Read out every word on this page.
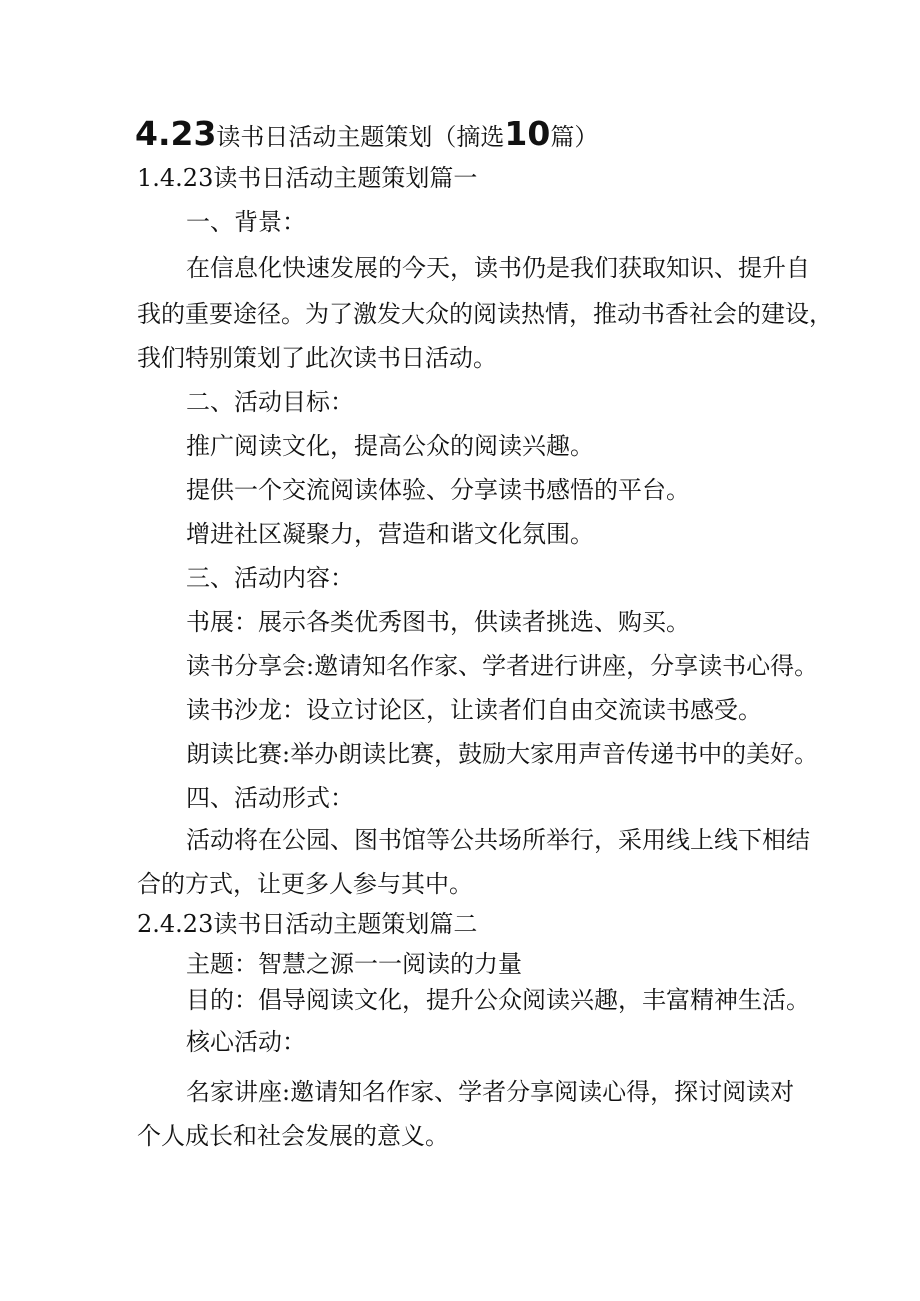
4.23读书日活动主题策划（摘选10篇）
1.4.23读书日活动主题策划篇一
一、背景：
在信息化快速发展的今天，读书仍是我们获取知识、提升自
我的重要途径。为了激发大众的阅读热情，推动书香社会的建设，
我们特别策划了此次读书日活动。
二、活动目标：
推广阅读文化，提高公众的阅读兴趣。
提供一个交流阅读体验、分享读书感悟的平台。
增进社区凝聚力，营造和谐文化氛围。
三、活动内容：
书展：展示各类优秀图书，供读者挑选、购买。
读书分享会:邀请知名作家、学者进行讲座，分享读书心得。
读书沙龙：设立讨论区，让读者们自由交流读书感受。
朗读比赛:举办朗读比赛，鼓励大家用声音传递书中的美好。
四、活动形式：
活动将在公园、图书馆等公共场所举行，采用线上线下相结
合的方式，让更多人参与其中。
2.4.23读书日活动主题策划篇二
主题：智慧之源一一阅读的力量
目的：倡导阅读文化，提升公众阅读兴趣，丰富精神生活。
核心活动：
名家讲座:邀请知名作家、学者分享阅读心得，探讨阅读对
个人成长和社会发展的意义。
